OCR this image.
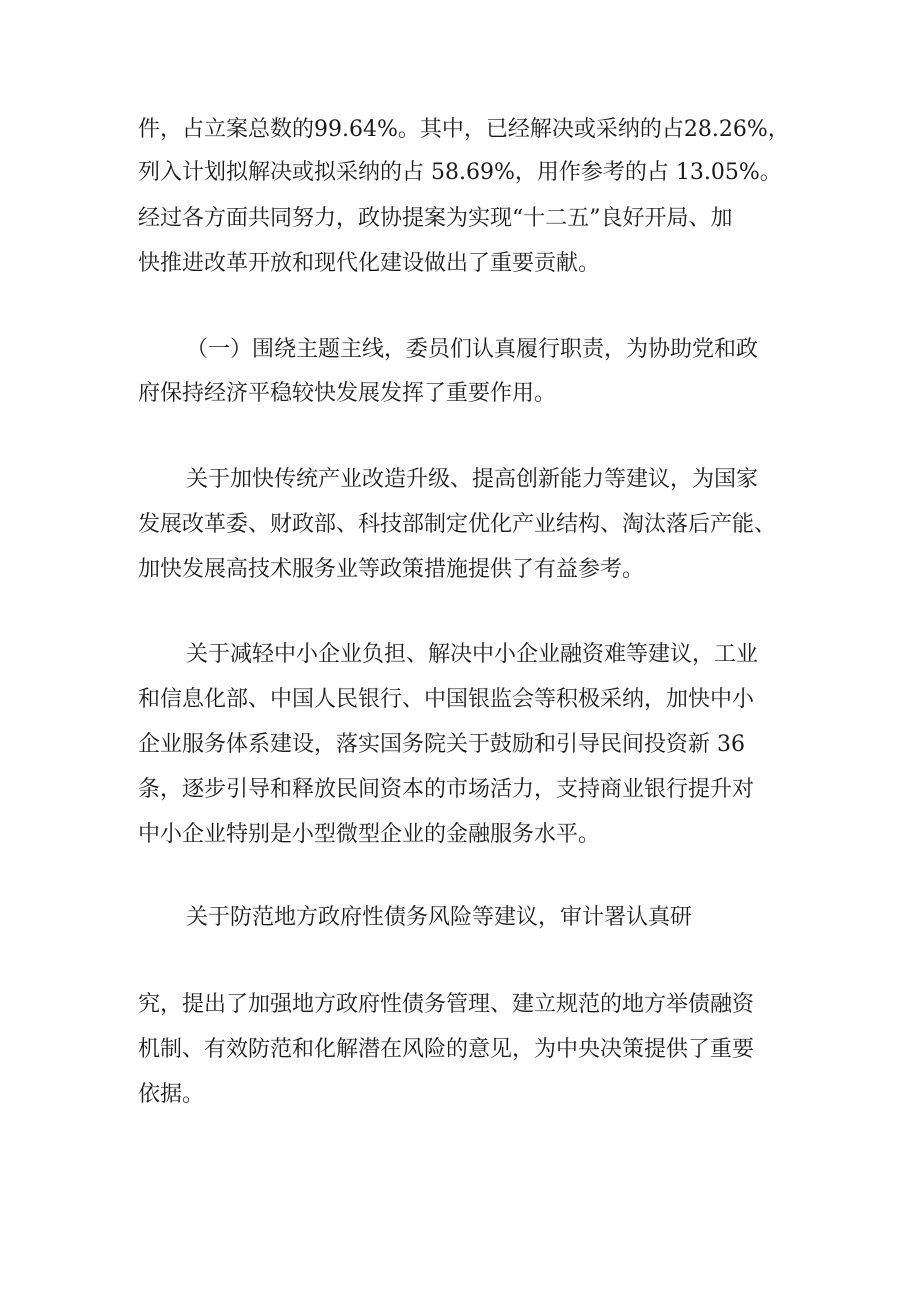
件，占立案总数的99.64%。其中，已经解决或采纳的占28.26%，

列入计划拟解决或拟采纳的占 58.69%，用作参考的占 13.05%。

经过各方面共同努力，政协提案为实现“十二五”良好开局、加

快推进改革开放和现代化建设做出了重要贡献。

（一）围绕主题主线，委员们认真履行职责，为协助党和政

府保持经济平稳较快发展发挥了重要作用。

关于加快传统产业改造升级、提高创新能力等建议，为国家

发展改革委、财政部、科技部制定优化产业结构、淘汰落后产能、

加快发展高技术服务业等政策措施提供了有益参考。

关于减轻中小企业负担、解决中小企业融资难等建议，工业

和信息化部、中国人民银行、中国银监会等积极采纳，加快中小

企业服务体系建设，落实国务院关于鼓励和引导民间投资新 36

条，逐步引导和释放民间资本的市场活力，支持商业银行提升对

中小企业特别是小型微型企业的金融服务水平。

关于防范地方政府性债务风险等建议，审计署认真研

究，提出了加强地方政府性债务管理、建立规范的地方举债融资

机制、有效防范和化解潜在风险的意见，为中央决策提供了重要

依据。
